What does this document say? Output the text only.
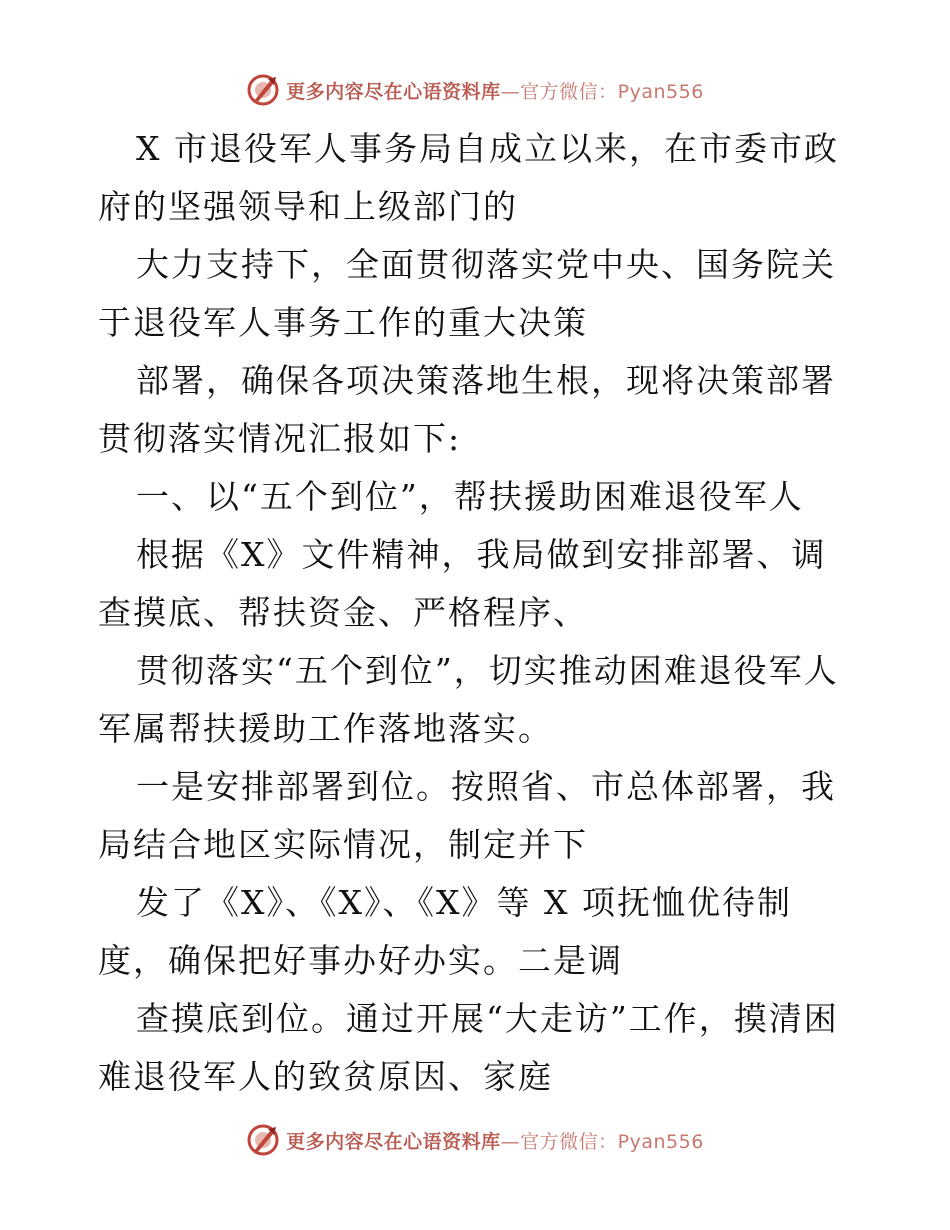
更多内容尽在心语资料库—官方微信：Pyan556

X 市退役军人事务局自成立以来，在市委市政府的坚强领导和上级部门的

大力支持下，全面贯彻落实党中央、国务院关于退役军人事务工作的重大决策

部署，确保各项决策落地生根，现将决策部署贯彻落实情况汇报如下:

一、以“五个到位”，帮扶援助困难退役军人

根据《X》文件精神，我局做到安排部署、调查摸底、帮扶资金、严格程序、

贯彻落实“五个到位”，切实推动困难退役军人军属帮扶援助工作落地落实。

一是安排部署到位。按照省、市总体部署，我局结合地区实际情况，制定并下

发了《X》、《X》、《X》等 X 项抚恤优待制度，确保把好事办好办实。二是调

查摸底到位。通过开展“大走访”工作，摸清困难退役军人的致贫原因、家庭

更多内容尽在心语资料库—官方微信：Pyan556
